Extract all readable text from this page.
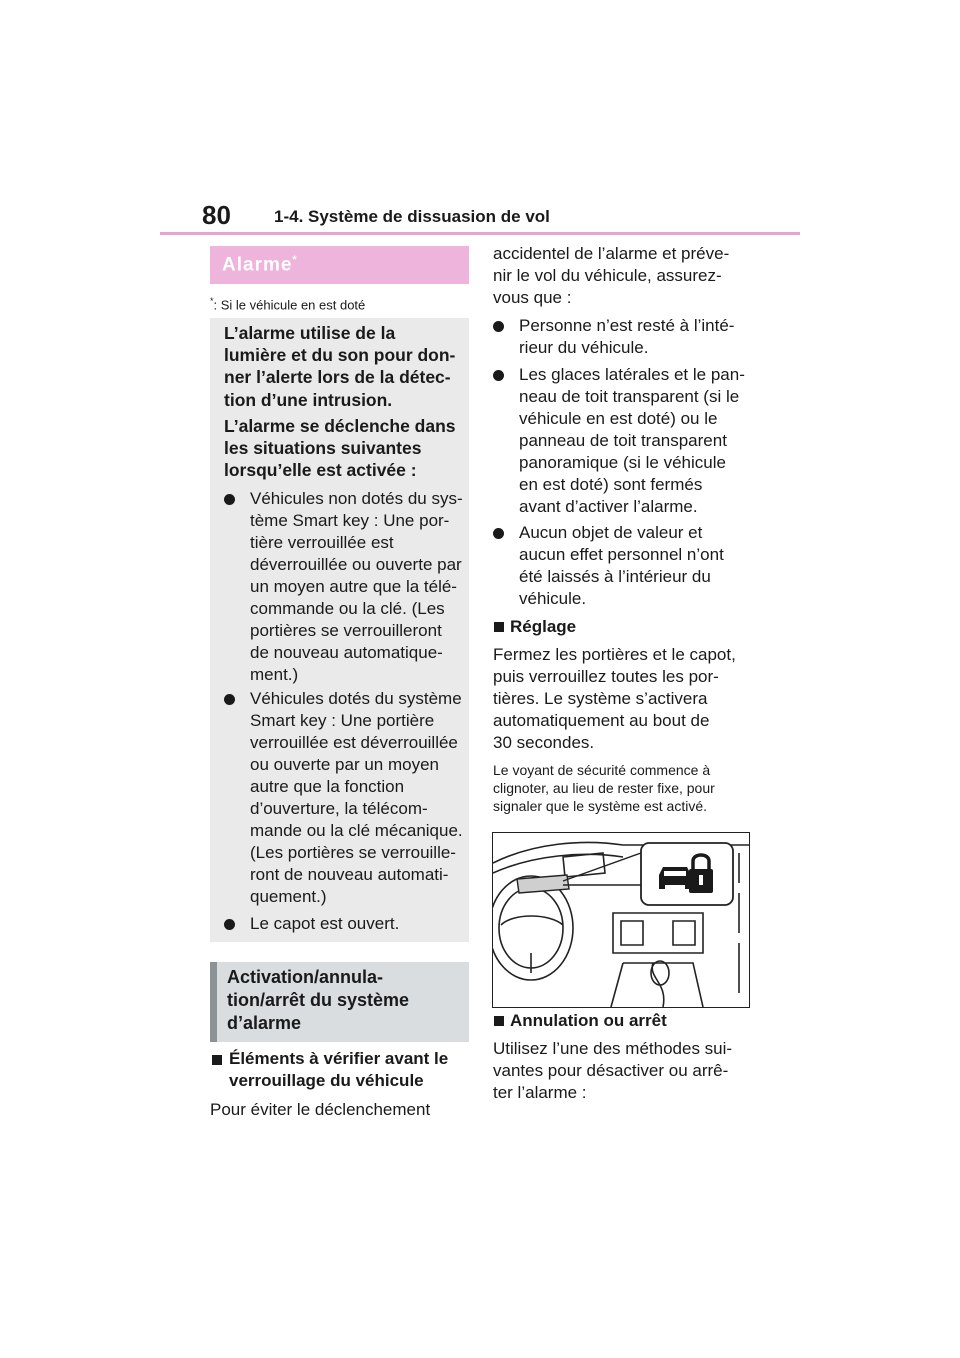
80	1-4. Système de dissuasion de vol
Alarme*
*: Si le véhicule en est doté
L’alarme utilise de la
lumière et du son pour don-
ner l’alerte lors de la détec-
tion d’une intrusion.
L’alarme se déclenche dans
les situations suivantes
lorsqu’elle est activée :
Véhicules non dotés du sys-
tème Smart key : Une por-
tière verrouillée est
déverrouillée ou ouverte par
un moyen autre que la télé-
commande ou la clé. (Les
portières se verrouilleront
de nouveau automatique-
ment.)
Véhicules dotés du système
Smart key : Une portière
verrouillée est déverrouillée
ou ouverte par un moyen
autre que la fonction
d’ouverture, la télécom-
mande ou la clé mécanique.
(Les portières se verrouille-
ront de nouveau automati-
quement.)
Le capot est ouvert.
Activation/annula-
tion/arrêt du système
d’alarme
Éléments à vérifier avant le
verrouillage du véhicule
Pour éviter le déclenchement
accidentel de l’alarme et préve-
nir le vol du véhicule, assurez-
vous que :
Personne n’est resté à l’inté-
rieur du véhicule.
Les glaces latérales et le pan-
neau de toit transparent (si le
véhicule en est doté) ou le
panneau de toit transparent
panoramique (si le véhicule
en est doté) sont fermés
avant d’activer l’alarme.
Aucun objet de valeur et
aucun effet personnel n’ont
été laissés à l’intérieur du
véhicule.
Réglage
Fermez les portières et le capot,
puis verrouillez toutes les por-
tières. Le système s’activera
automatiquement au bout de
30 secondes.
Le voyant de sécurité commence à
clignoter, au lieu de rester fixe, pour
signaler que le système est activé.
Annulation ou arrêt
Utilisez l’une des méthodes sui-
vantes pour désactiver ou arrê-
ter l’alarme :
